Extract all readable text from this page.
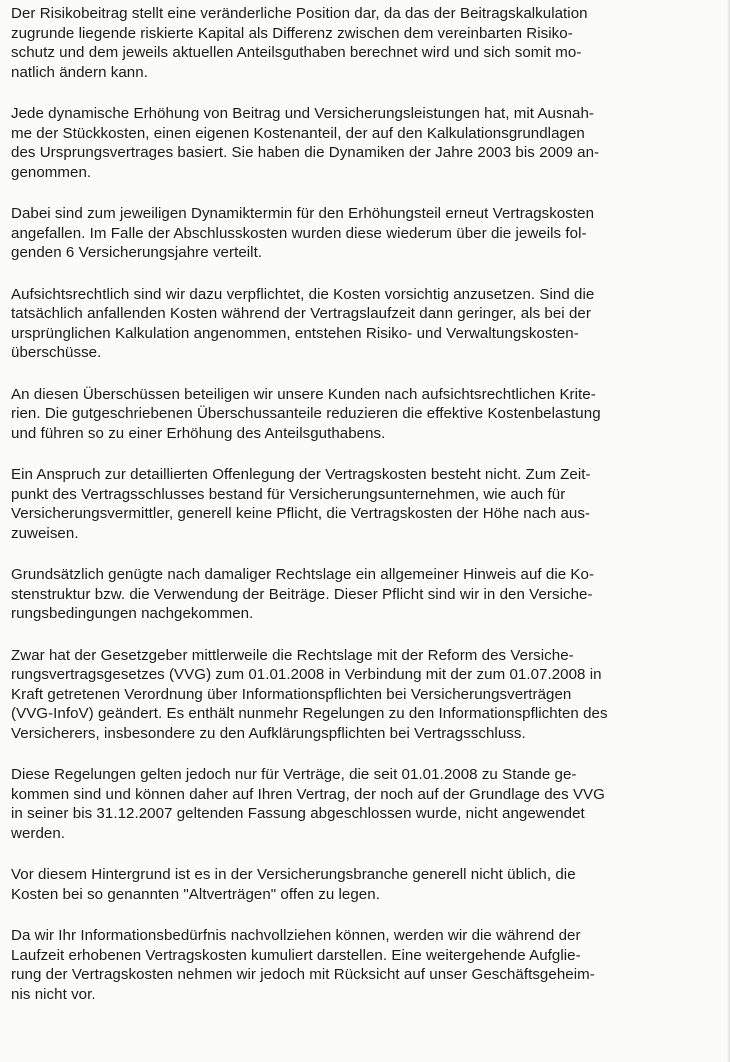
Der Risikobeitrag stellt eine veränderliche Position dar, da das der Beitragskalkulation
zugrunde liegende riskierte Kapital als Differenz zwischen dem vereinbarten Risiko-
schutz und dem jeweils aktuellen Anteilsguthaben berechnet wird und sich somit mo-
natlich ändern kann.
Jede dynamische Erhöhung von Beitrag und Versicherungsleistungen hat, mit Ausnah-
me der Stückkosten, einen eigenen Kostenanteil, der auf den Kalkulationsgrundlagen
des Ursprungsvertrages basiert. Sie haben die Dynamiken der Jahre 2003 bis 2009 an-
genommen.
Dabei sind zum jeweiligen Dynamiktermin für den Erhöhungsteil erneut Vertragskosten
angefallen. Im Falle der Abschlusskosten wurden diese wiederum über die jeweils fol-
genden 6 Versicherungsjahre verteilt.
Aufsichtsrechtlich sind wir dazu verpflichtet, die Kosten vorsichtig anzusetzen. Sind die
tatsächlich anfallenden Kosten während der Vertragslaufzeit dann geringer, als bei der
ursprünglichen Kalkulation angenommen, entstehen Risiko- und Verwaltungskosten-
überschüsse.
An diesen Überschüssen beteiligen wir unsere Kunden nach aufsichtsrechtlichen Krite-
rien. Die gutgeschriebenen Überschussanteile reduzieren die effektive Kostenbelastung
und führen so zu einer Erhöhung des Anteilsguthabens.
Ein Anspruch zur detaillierten Offenlegung der Vertragskosten besteht nicht. Zum Zeit-
punkt des Vertragsschlusses bestand für Versicherungsunternehmen, wie auch für
Versicherungsvermittler, generell keine Pflicht, die Vertragskosten der Höhe nach aus-
zuweisen.
Grundsätzlich genügte nach damaliger Rechtslage ein allgemeiner Hinweis auf die Ko-
stenstruktur bzw. die Verwendung der Beiträge. Dieser Pflicht sind wir in den Versiche-
rungsbedingungen nachgekommen.
Zwar hat der Gesetzgeber mittlerweile die Rechtslage mit der Reform des Versiche-
rungsvertragsgesetzes (VVG) zum 01.01.2008 in Verbindung mit der zum 01.07.2008 in
Kraft getretenen Verordnung über Informationspflichten bei Versicherungsverträgen
(VVG-InfoV) geändert. Es enthält nunmehr Regelungen zu den Informationspflichten des
Versicherers, insbesondere zu den Aufklärungspflichten bei Vertragsschluss.
Diese Regelungen gelten jedoch nur für Verträge, die seit 01.01.2008 zu Stande ge-
kommen sind und können daher auf Ihren Vertrag, der noch auf der Grundlage des VVG
in seiner bis 31.12.2007 geltenden Fassung abgeschlossen wurde, nicht angewendet
werden.
Vor diesem Hintergrund ist es in der Versicherungsbranche generell nicht üblich, die
Kosten bei so genannten "Altverträgen" offen zu legen.
Da wir Ihr Informationsbedürfnis nachvollziehen können, werden wir die während der
Laufzeit erhobenen Vertragskosten kumuliert darstellen. Eine weitergehende Aufglie-
rung der Vertragskosten nehmen wir jedoch mit Rücksicht auf unser Geschäftsgeheim-
nis nicht vor.
